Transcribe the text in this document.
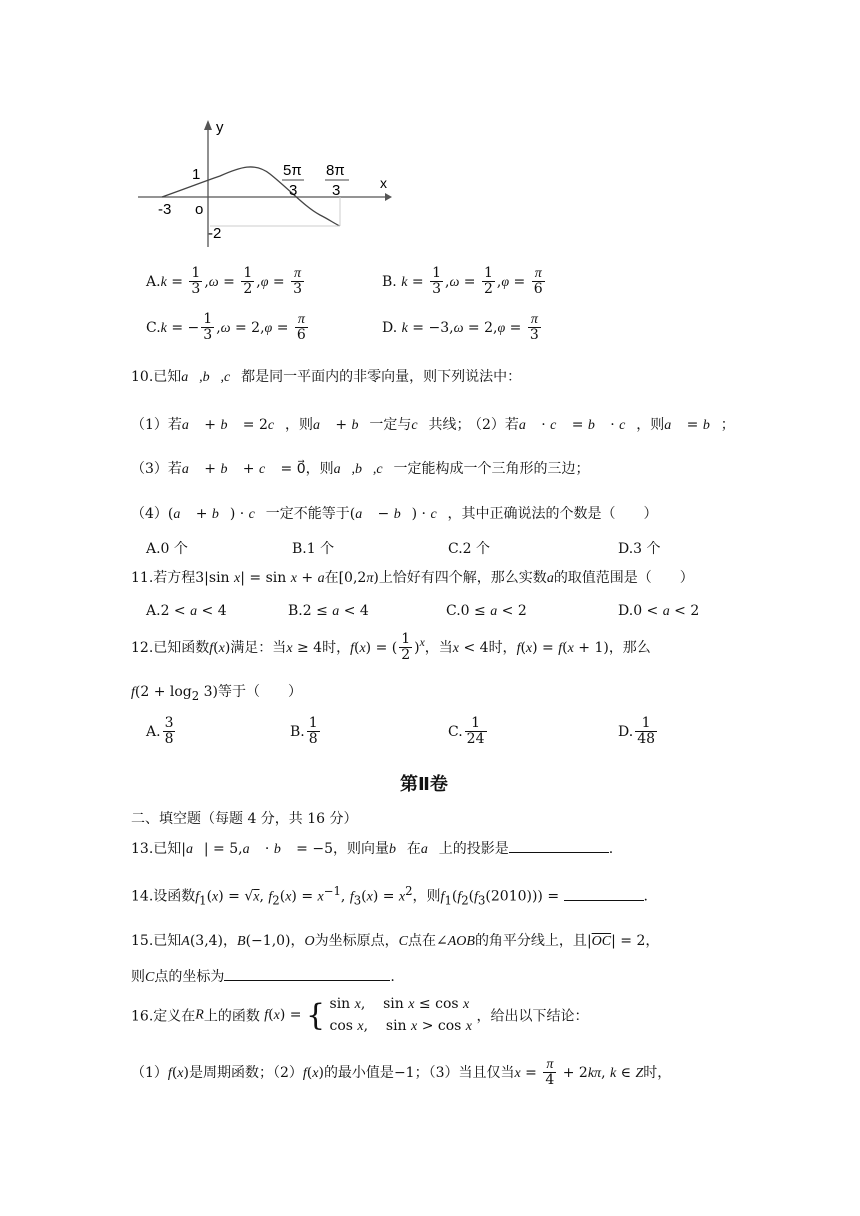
y
x
1
-3 o
-2
5π
3
8π
3
$A.k = \frac{1}{3} ,\omega = \frac{1}{2} ,\varphi = \frac{\pi}{3}$	B. $k = \frac{1}{3} ,\omega = \frac{1}{2} ,\varphi = \frac{\pi}{6}$
C.k = − $\frac{1}{3} ,\omega = 2,\varphi = \frac{\pi}{6}$	D. $k = -3,\omega = 2,\varphi = \frac{\pi}{3}$
10.已知a⃗,b⃗,c⃗都是同一平面内的非零向量，则下列说法中：
（1）若a⃗ + b⃗ = 2c⃗，则a⃗ + b⃗一定与c⃗共线；
（2）若a⃗ · c⃗ = b⃗ · c⃗，则a⃗ = b⃗；
（3）若a⃗ + b⃗ + c⃗ = 0⃗，则a⃗,b⃗,c⃗一定能构成一个三角形的三边；
（4）(a⃗ + b⃗) · c⃗一定不能等于(a⃗ − b⃗) · c⃗，其中正确说法的个数是（　　）
A.0 个	B.1 个	C.2 个	D.3 个
11.若方程3|sin x| = sin x + a在[0,2π)上恰好有四个解，那么实数a的取值范围是（　　）
A.2 < a < 4	B.2 ≤ a < 4	C.0 ≤ a < 2	D.0 < a < 2
12.已知函数f(x)满足：当x ≥ 4时，f(x) = ( $\frac{1}{2} )^x$，当x < 4时，f(x) = f(x + 1)，那么
$f(2 + \log_2 3)$等于（　　）
A. $\frac{3}{8}$	B. $\frac{1}{8}$	C. $\frac{1}{24}$	D. $\frac{1}{48}$
第Ⅱ卷
二、填空题（每题 4 分，共 16 分）
13.已知|a⃗| = 5,a⃗ · b⃗ = −5，则向量b⃗在a⃗上的投影是	.
14.设函数$f_1(x) = √x$, $f_2(x) = x^{-1}$, $f_3(x) = x^2$，则$f_1(f_2(f_3(2010)))$ =	.
15.已知A(3,4)，B(−1,0)，O为坐标原点，C点在∠AOB的角平分线上，且$|\overline{OC}| = 2$，
则C点的坐标为	.
16.定义在R上的函数 f(x) = { sin x,    sin x ≤ cos x
cos x,    sin x > cos x ，给出以下结论：
（1）f(x)是周期函数；（2）f(x)的最小值是−1；（3）当且仅当$x = \frac{\pi}{4} + 2k\pi$, k ∈ Z时，
